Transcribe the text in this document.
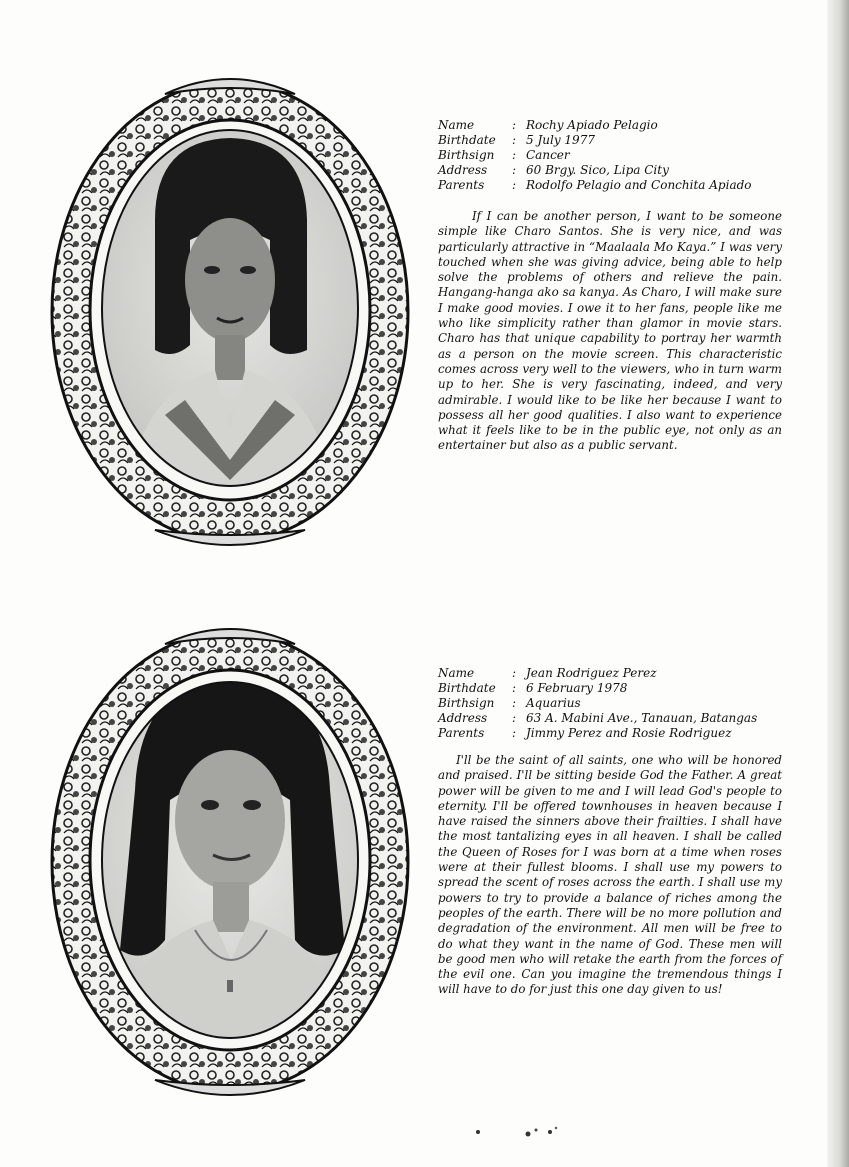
Name	: Rochy Apiado Pelagio
Birthdate	: 5 July 1977
Birthsign	: Cancer
Address	: 60 Brgy. Sico, Lipa City
Parents	: Rodolfo Pelagio and Conchita Apiado

If I can be another person, I want to be someone simple like Charo Santos. She is very nice, and was particularly attractive in “Maalaala Mo Kaya.” I was very touched when she was giving advice, being able to help solve the problems of others and relieve the pain. Hangang-hanga ako sa kanya. As Charo, I will make sure I make good movies. I owe it to her fans, people like me who like simplicity rather than glamor in movie stars. Charo has that unique capability to portray her warmth as a person on the movie screen. This characteristic comes across very well to the viewers, who in turn warm up to her. She is very fascinating, indeed, and very admirable. I would like to be like her because I want to possess all her good qualities. I also want to experience what it feels like to be in the public eye, not only as an entertainer but also as a public servant.

Name	: Jean Rodriguez Perez
Birthdate	: 6 February 1978
Birthsign	: Aquarius
Address	: 63 A. Mabini Ave., Tanauan, Batangas
Parents	: Jimmy Perez and Rosie Rodriguez

I'll be the saint of all saints, one who will be honored and praised. I'll be sitting beside God the Father. A great power will be given to me and I will lead God's people to eternity. I'll be offered townhouses in heaven because I have raised the sinners above their frailties. I shall have the most tantalizing eyes in all heaven. I shall be called the Queen of Roses for I was born at a time when roses were at their fullest blooms. I shall use my powers to spread the scent of roses across the earth. I shall use my powers to try to provide a balance of riches among the peoples of the earth. There will be no more pollution and degradation of the environment. All men will be free to do what they want in the name of God. These men will be good men who will retake the earth from the forces of the evil one. Can you imagine the tremendous things I will have to do for just this one day given to us!
